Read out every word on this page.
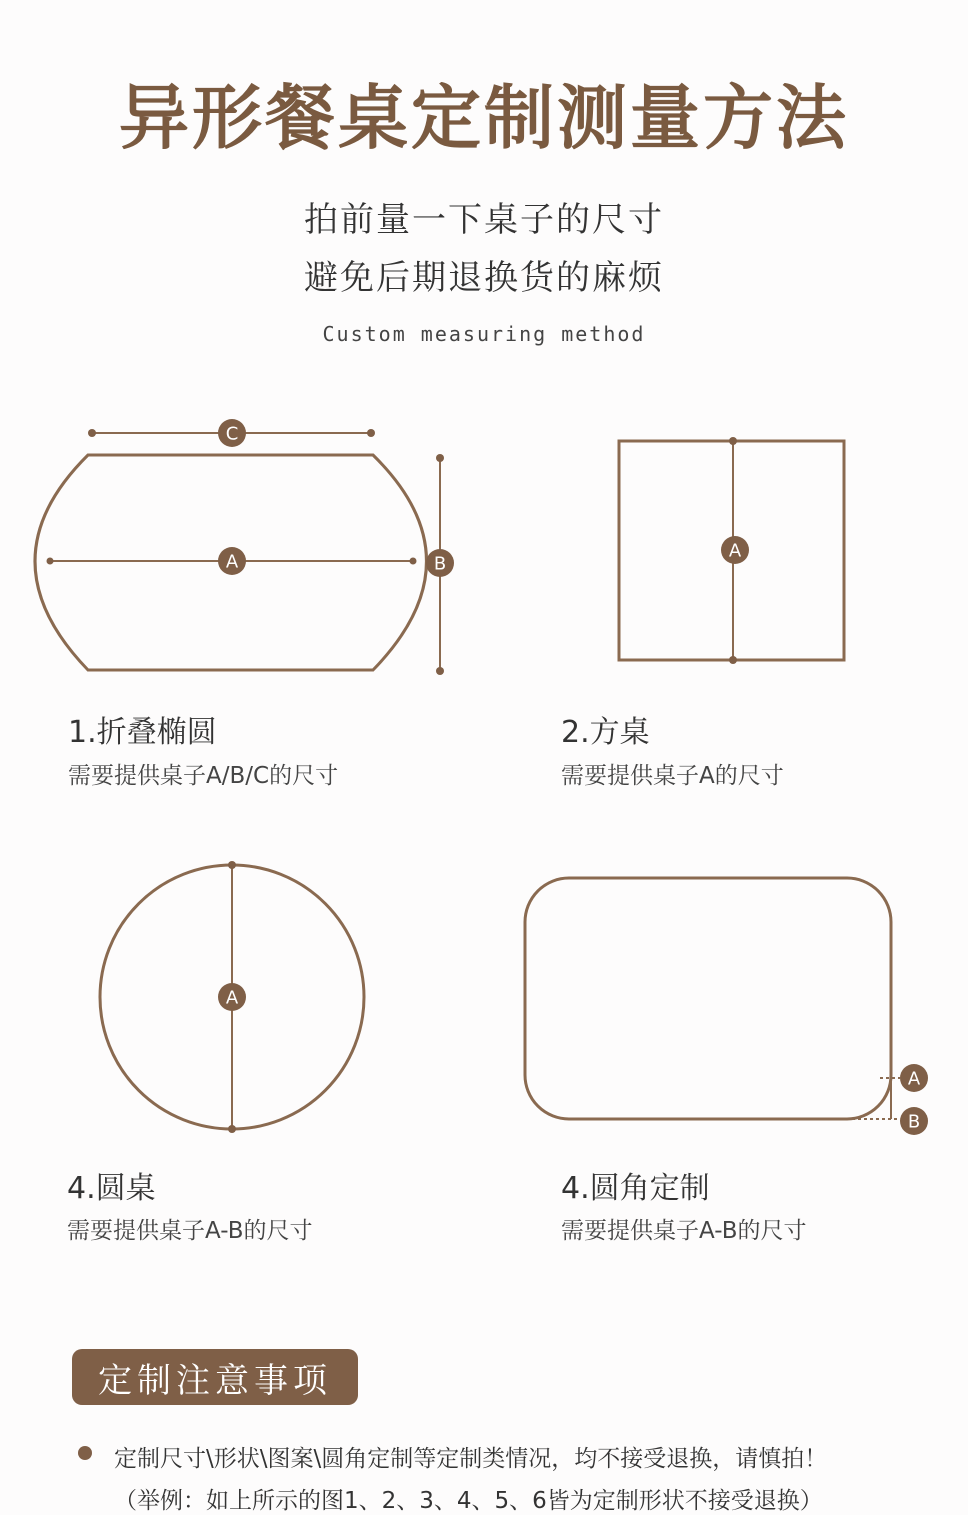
异形餐桌定制测量方法
拍前量一下桌子的尺寸
避免后期退换货的麻烦
Custom measuring method
C
A	B
A
A
A
B
1.折叠椭圆
需要提供桌子A/B/C的尺寸
2.方桌
需要提供桌子A的尺寸
4.圆桌
需要提供桌子A-B的尺寸
4.圆角定制
需要提供桌子A-B的尺寸
定制注意事项
定制尺寸\形状\图案\圆角定制等定制类情况，均不接受退换，请慎拍！
（举例：如上所示的图1、2、3、4、5、6皆为定制形状不接受退换）
